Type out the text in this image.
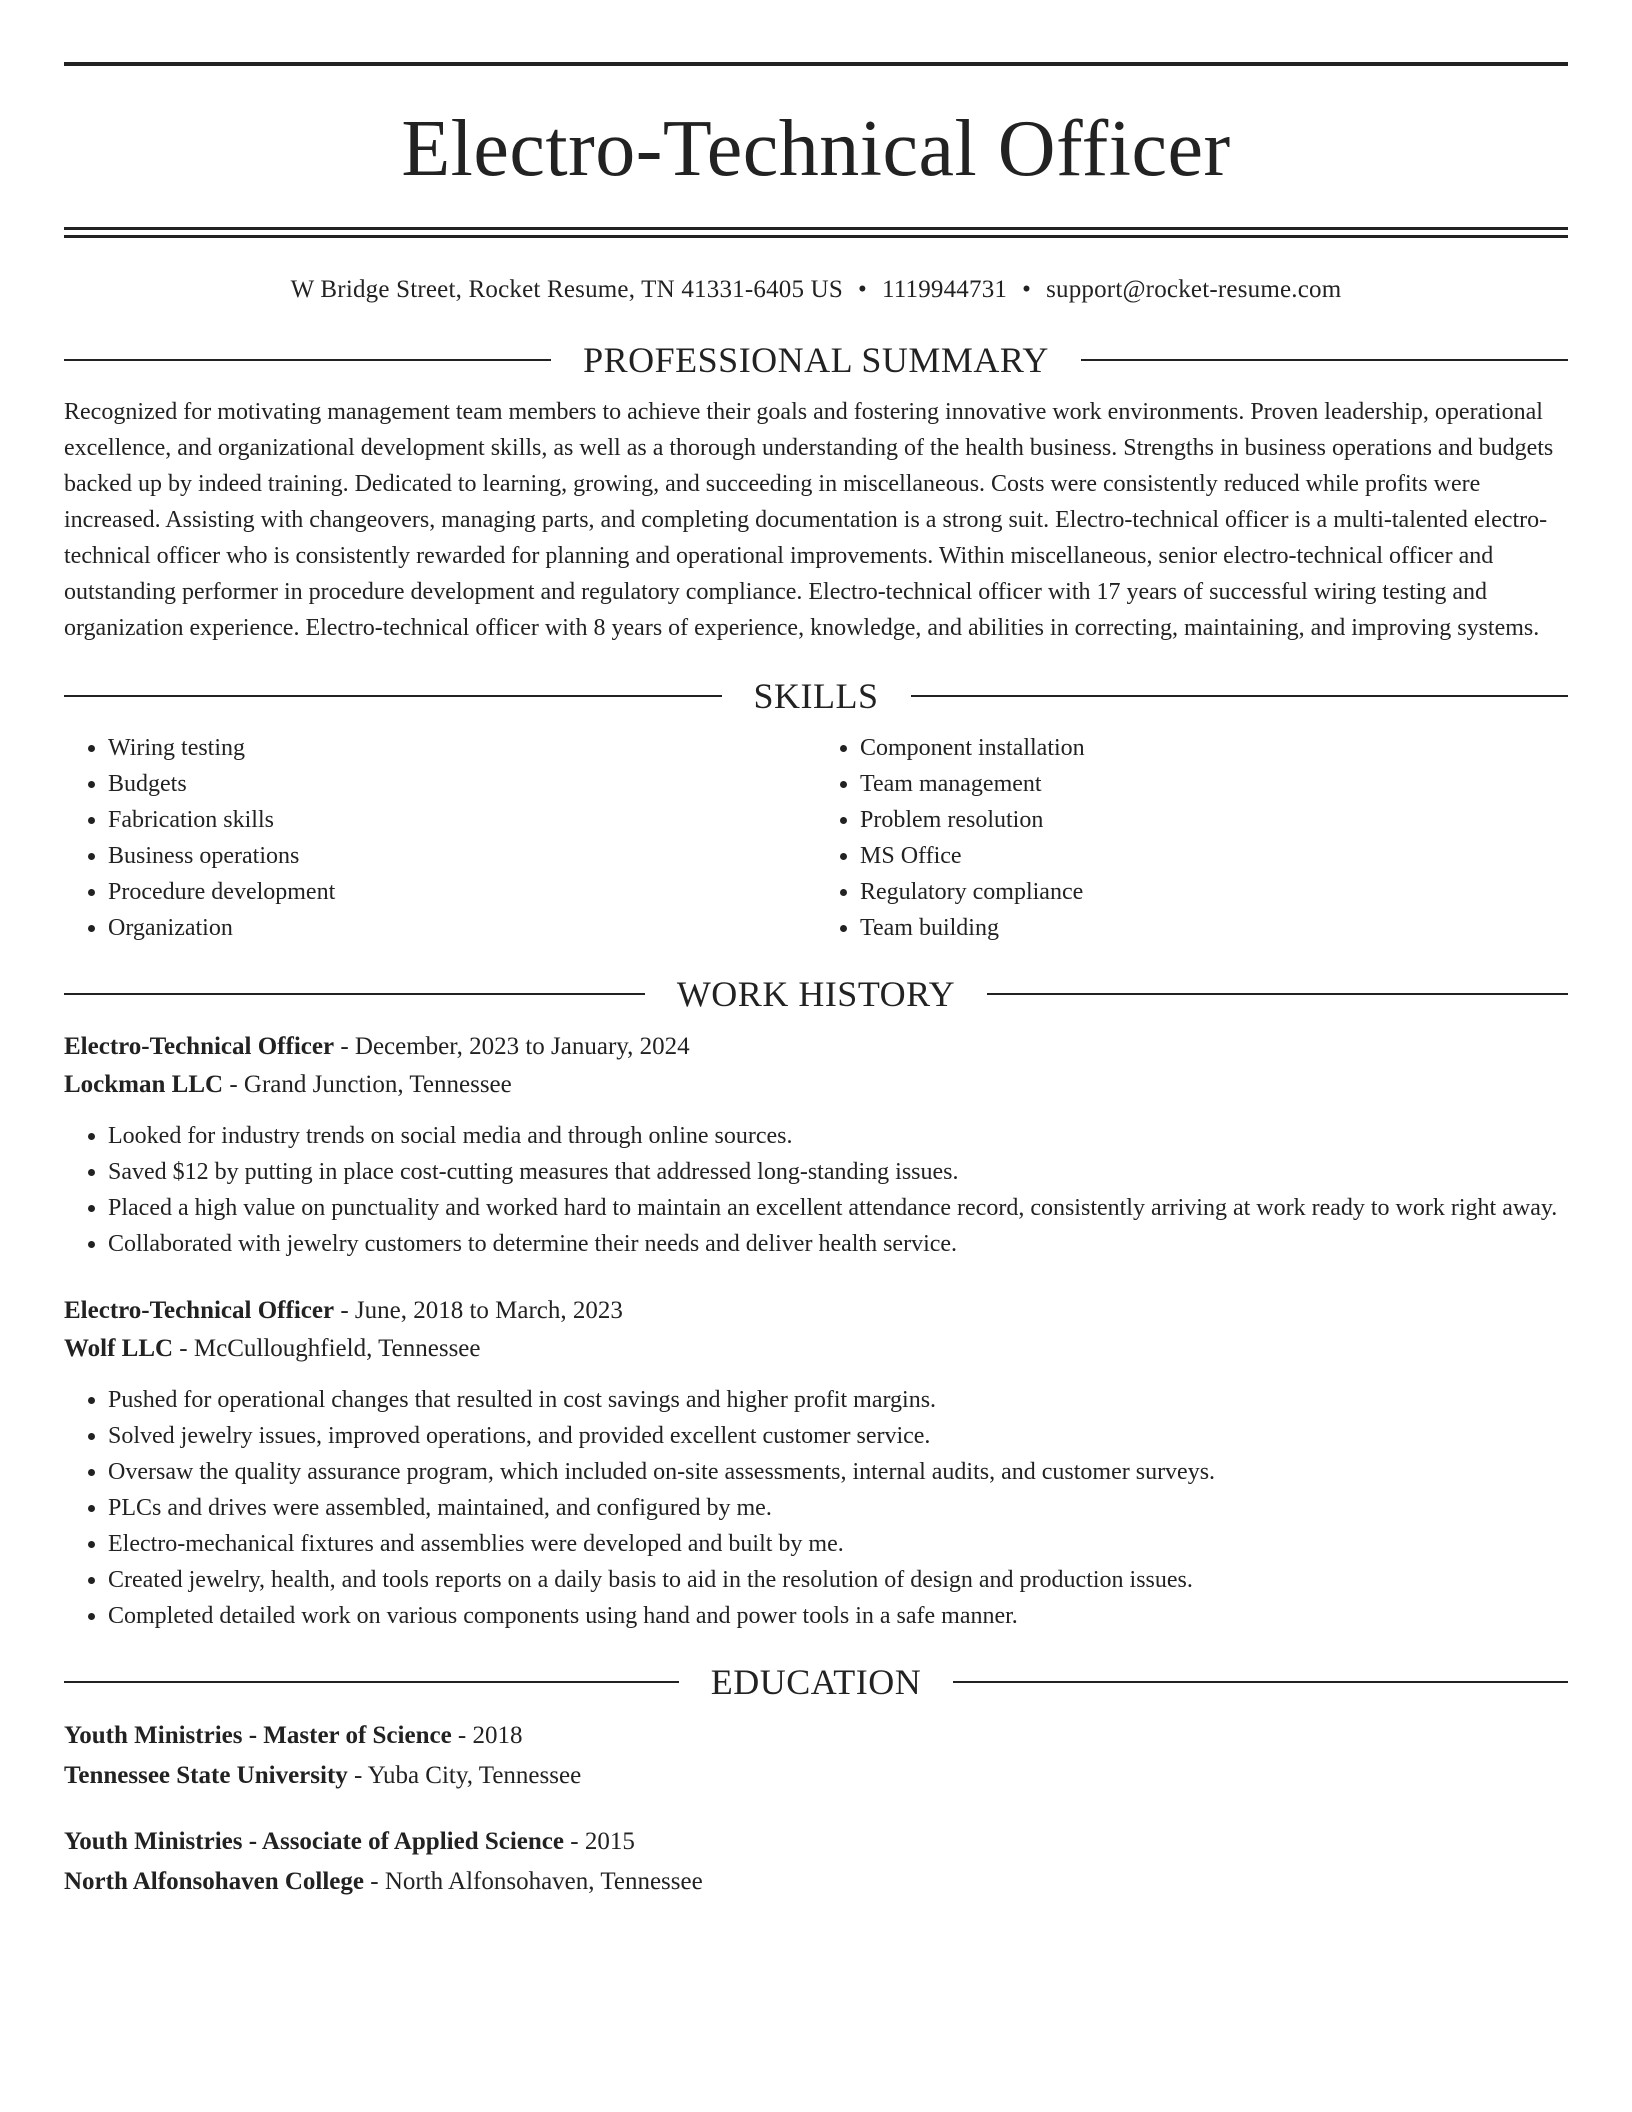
Electro-Technical Officer
W Bridge Street, Rocket Resume, TN 41331-6405 US • 1119944731 • support@rocket-resume.com
PROFESSIONAL SUMMARY

Recognized for motivating management team members to achieve their goals and fostering innovative work environments. Proven leadership, operational excellence, and organizational development skills, as well as a thorough understanding of the health business. Strengths in business operations and budgets backed up by indeed training. Dedicated to learning, growing, and succeeding in miscellaneous. Costs were consistently reduced while profits were increased. Assisting with changeovers, managing parts, and completing documentation is a strong suit. Electro-technical officer is a multi-talented electro-technical officer who is consistently rewarded for planning and operational improvements. Within miscellaneous, senior electro-technical officer and outstanding performer in procedure development and regulatory compliance. Electro-technical officer with 17 years of successful wiring testing and organization experience. Electro-technical officer with 8 years of experience, knowledge, and abilities in correcting, maintaining, and improving systems.

SKILLS
• Wiring testing
• Budgets
• Fabrication skills
• Business operations
• Procedure development
• Organization
• Component installation
• Team management
• Problem resolution
• MS Office
• Regulatory compliance
• Team building
WORK HISTORY
Electro-Technical Officer - December, 2023 to January, 2024
Lockman LLC - Grand Junction, Tennessee
• Looked for industry trends on social media and through online sources.
• Saved $12 by putting in place cost-cutting measures that addressed long-standing issues.
• Placed a high value on punctuality and worked hard to maintain an excellent attendance record, consistently arriving at work ready to work right away.
• Collaborated with jewelry customers to determine their needs and deliver health service.
Electro-Technical Officer - June, 2018 to March, 2023
Wolf LLC - McCulloughfield, Tennessee
• Pushed for operational changes that resulted in cost savings and higher profit margins.
• Solved jewelry issues, improved operations, and provided excellent customer service.
• Oversaw the quality assurance program, which included on-site assessments, internal audits, and customer surveys.
• PLCs and drives were assembled, maintained, and configured by me.
• Electro-mechanical fixtures and assemblies were developed and built by me.
• Created jewelry, health, and tools reports on a daily basis to aid in the resolution of design and production issues.
• Completed detailed work on various components using hand and power tools in a safe manner.
EDUCATION
Youth Ministries - Master of Science - 2018
Tennessee State University - Yuba City, Tennessee
Youth Ministries - Associate of Applied Science - 2015
North Alfonsohaven College - North Alfonsohaven, Tennessee
